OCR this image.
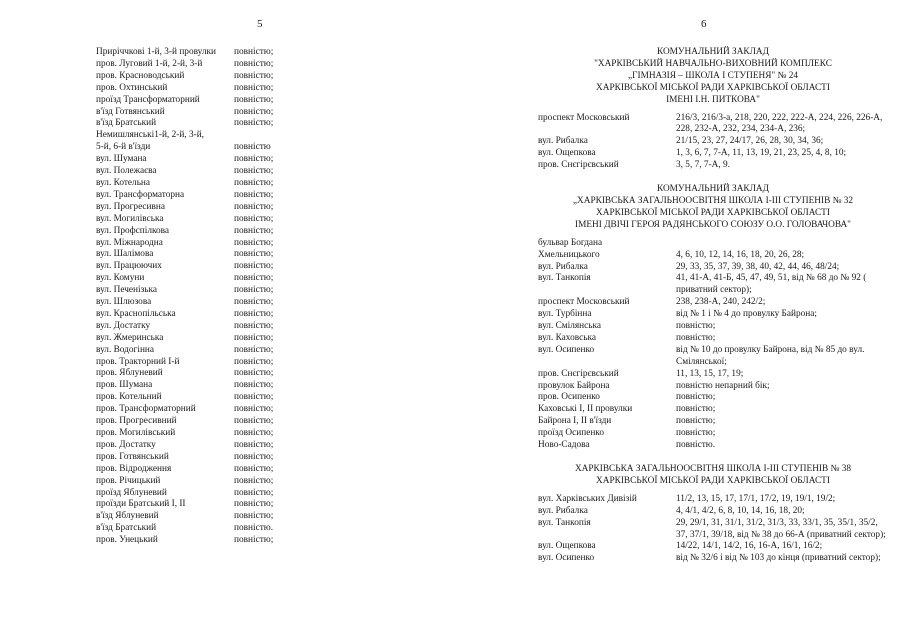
5	6
Приріччкові 1-й, 3-й провулки	повністю;
пров. Луговий 1-й, 2-й, 3-й	повністю;
пров. Красноводський	повністю;
пров. Охтинський	повністю;
проїзд Трансформаторний	повністю;
в'їзд Готвянський	повністю;
в'їзд Братський	повністю;
Немишлянські1-й, 2-й, 3-й,	
5-й, 6-й в'їзди	повністю
вул. Шумана	повністю;
вул. Полежаєва	повністю;
вул. Котельна	повністю;
вул. Трансформаторна	повністю;
вул. Прогресивна	повністю;
вул. Могилівська	повністю;
вул. Профспілкова	повністю;
вул. Міжнародна	повністю;
вул. Шалімова	повністю;
вул. Працюючих	повністю;
вул. Комуни	повністю;
вул. Печенізька	повністю;
вул. Шлюзова	повністю;
вул. Краснопільська	повністю;
вул. Достатку	повністю;
вул. Жмеринська	повністю;
вул. Водогінна	повністю;
пров. Тракторний І-й	повністю;
пров. Яблуневий	повністю;
пров. Шумана	повністю;
пров. Котельний	повністю;
пров. Трансформаторний	повністю;
пров. Прогресивний	повністю;
пров. Могилівський	повністю;
пров. Достатку	повністю;
пров. Готвянський	повністю;
пров. Відродження	повністю;
пров. Річицький	повністю;
проїзд Яблуневий	повністю;
проїзди Братський І, ІІ	повністю;
в'їзд Яблуневий	повністю;
в'їзд Братський	повністю.
пров. Унецький	повністю;
КОМУНАЛЬНИЙ ЗАКЛАД
"ХАРКІВСЬКИЙ НАВЧАЛЬНО-ВИХОВНИЙ КОМПЛЕКС
„ГІМНАЗІЯ – ШКОЛА І СТУПЕНЯ" № 24
ХАРКІВСЬКОЇ МІСЬКОЇ РАДИ ХАРКІВСЬКОЇ ОБЛАСТІ
ІМЕНІ І.Н. ПИТКОВА"
проспект Московський	216/3, 216/3-а, 218, 220, 222, 222-А, 224, 226, 226-А, 228, 232-А, 232, 234, 234-А, 236;
вул. Рибалка	21/15, 23, 27, 24/17, 26, 28, 30, 34, 36;
вул. Ощепкова	1, 3, 6, 7, 7-А, 11, 13, 19, 21, 23, 25, 4, 8, 10;
пров. Снєгірєвський	3, 5, 7, 7-А, 9.
КОМУНАЛЬНИЙ ЗАКЛАД
„ХАРКІВСЬКА ЗАГАЛЬНООСВІТНЯ ШКОЛА І-ІІІ СТУПЕНІВ № 32
ХАРКІВСЬКОЇ МІСЬКОЇ РАДИ ХАРКІВСЬКОЇ ОБЛАСТІ
ІМЕНІ ДВІЧІ ГЕРОЯ РАДЯНСЬКОГО СОЮЗУ О.О. ГОЛОВАЧОВА"
бульвар Богдана	
Хмельницького	4, 6, 10, 12, 14, 16, 18, 20, 26, 28;
вул. Рибалка	29, 33, 35, 37, 39, 38, 40, 42, 44, 46, 48/24;
вул. Танкопія	41, 41-А, 41-Б, 45, 47, 49, 51, від № 68 до № 92 ( приватний сектор);
проспект Московський	238, 238-А, 240, 242/2;
вул. Турбінна	від № 1 і № 4 до провулку Байрона;
вул. Смілянська	повністю;
вул. Каховська	повністю;
вул. Осипенко	від № 10 до провулку Байрона, від № 85 до вул. Смілянської;
пров. Снєгірєвський	11, 13, 15, 17, 19;
провулок Байрона	повністю непарний бік;
пров. Осипенко	повністю;
Каховські І, ІІ провулки	повністю;
Байрона І, ІІ в'їзди	повністю;
проїзд Осипенко	повністю;
Ново-Садова	повністю.
ХАРКІВСЬКА ЗАГАЛЬНООСВІТНЯ ШКОЛА І-ІІІ СТУПЕНІВ № 38
ХАРКІВСЬКОЇ МІСЬКОЇ РАДИ ХАРКІВСЬКОЇ ОБЛАСТІ
вул. Харківських Дивізій	11/2, 13, 15, 17, 17/1, 17/2, 19, 19/1, 19/2;
вул. Рибалка	4, 4/1, 4/2, 6, 8, 10, 14, 16, 18, 20;
вул. Танкопія	29, 29/1, 31, 31/1, 31/2, 31/3, 33, 33/1, 35, 35/1, 35/2, 37, 37/1, 39/18, від № 38 до 66-А (приватний сектор);
вул. Ощепкова	14/22, 14/1, 14/2, 16, 16-А, 16/1, 16/2;
вул. Осипенко	від № 32/6 і від № 103 до кінця (приватний сектор);
